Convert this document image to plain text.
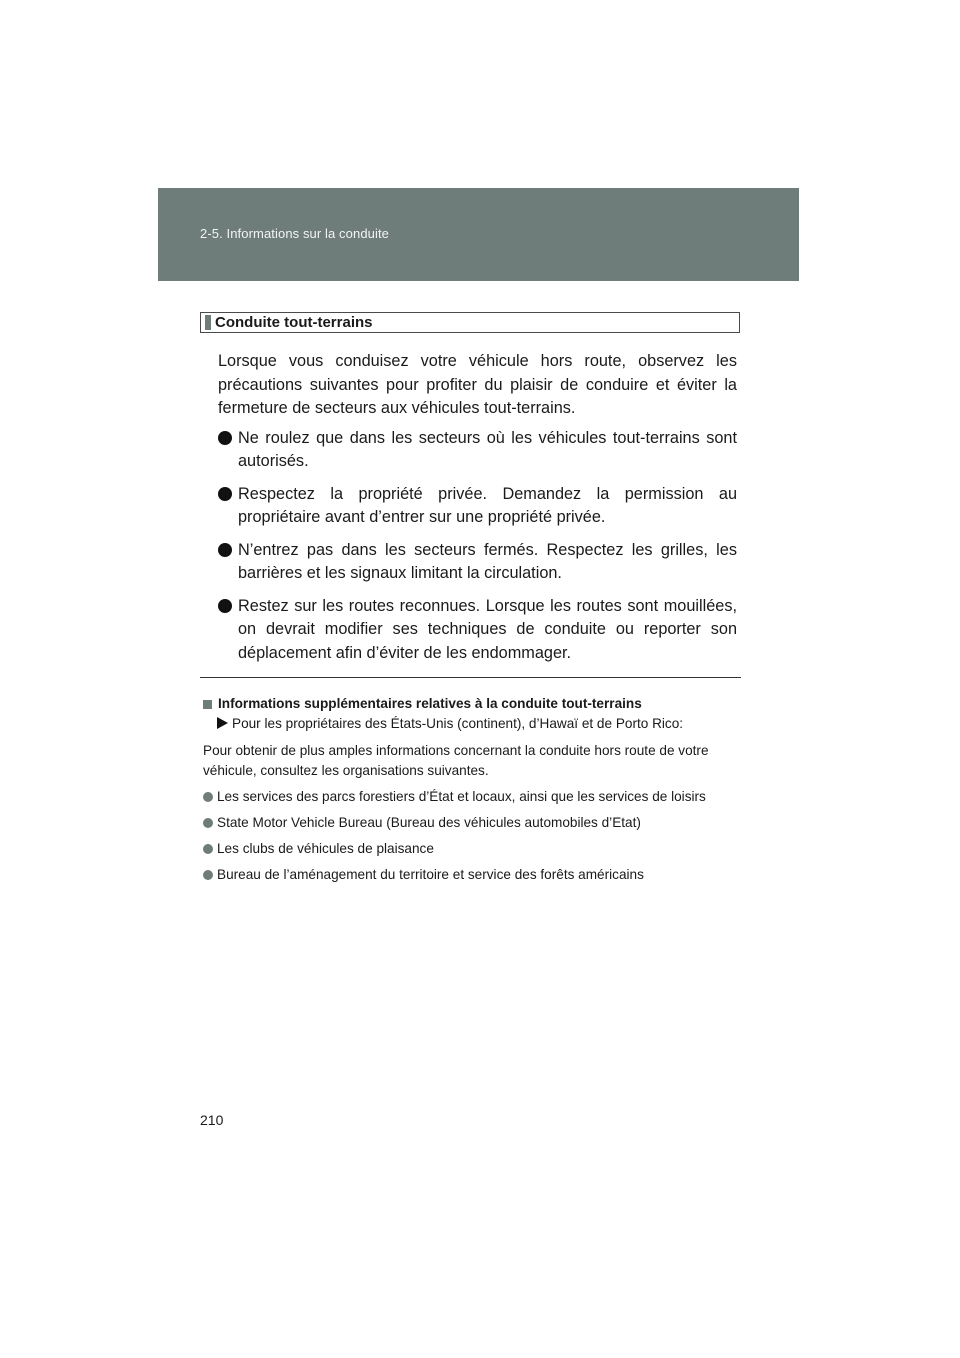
2-5. Informations sur la conduite
Conduite tout-terrains

Lorsque vous conduisez votre véhicule hors route, observez les précautions suivantes pour profiter du plaisir de conduire et éviter la fermeture de secteurs aux véhicules tout-terrains.

Ne roulez que dans les secteurs où les véhicules tout-terrains sont autorisés.
Respectez la propriété privée. Demandez la permission au propriétaire avant d’entrer sur une propriété privée.
N’entrez pas dans les secteurs fermés. Respectez les grilles, les barrières et les signaux limitant la circulation.
Restez sur les routes reconnues. Lorsque les routes sont mouillées, on devrait modifier ses techniques de conduite ou reporter son déplacement afin d’éviter de les endommager.
Informations supplémentaires relatives à la conduite tout-terrains

Pour les propriétaires des États-Unis (continent), d’Hawaï et de Porto Rico:

Pour obtenir de plus amples informations concernant la conduite hors route de votre véhicule, consultez les organisations suivantes.

Les services des parcs forestiers d’État et locaux, ainsi que les services de loisirs
State Motor Vehicle Bureau (Bureau des véhicules automobiles d’Etat)
Les clubs de véhicules de plaisance
Bureau de l’aménagement du territoire et service des forêts américains
210
